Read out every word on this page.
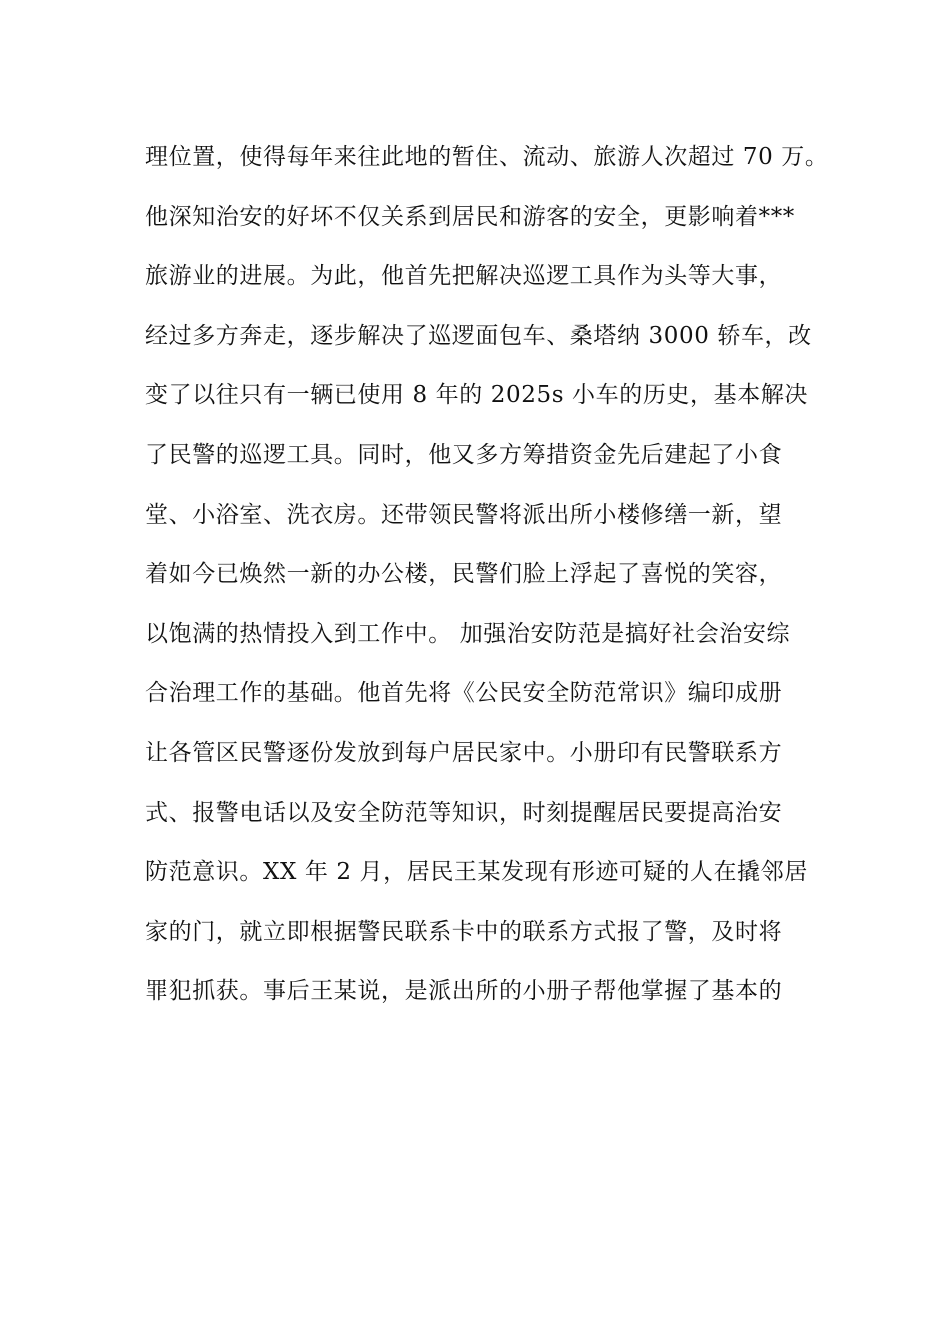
理位置，使得每年来往此地的暂住、流动、旅游人次超过 70 万。
他深知治安的好坏不仅关系到居民和游客的安全，更影响着***
旅游业的进展。为此，他首先把解决巡逻工具作为头等大事，
经过多方奔走，逐步解决了巡逻面包车、桑塔纳 3000 轿车，改
变了以往只有一辆已使用 8 年的 2025s 小车的历史，基本解决
了民警的巡逻工具。同时，他又多方筹措资金先后建起了小食
堂、小浴室、洗衣房。还带领民警将派出所小楼修缮一新，望
着如今已焕然一新的办公楼，民警们脸上浮起了喜悦的笑容，
以饱满的热情投入到工作中。 加强治安防范是搞好社会治安综
合治理工作的基础。他首先将《公民安全防范常识》编印成册
让各管区民警逐份发放到每户居民家中。小册印有民警联系方
式、报警电话以及安全防范等知识，时刻提醒居民要提高治安
防范意识。XX 年 2 月，居民王某发现有形迹可疑的人在撬邻居
家的门，就立即根据警民联系卡中的联系方式报了警，及时将
罪犯抓获。事后王某说，是派出所的小册子帮他掌握了基本的
